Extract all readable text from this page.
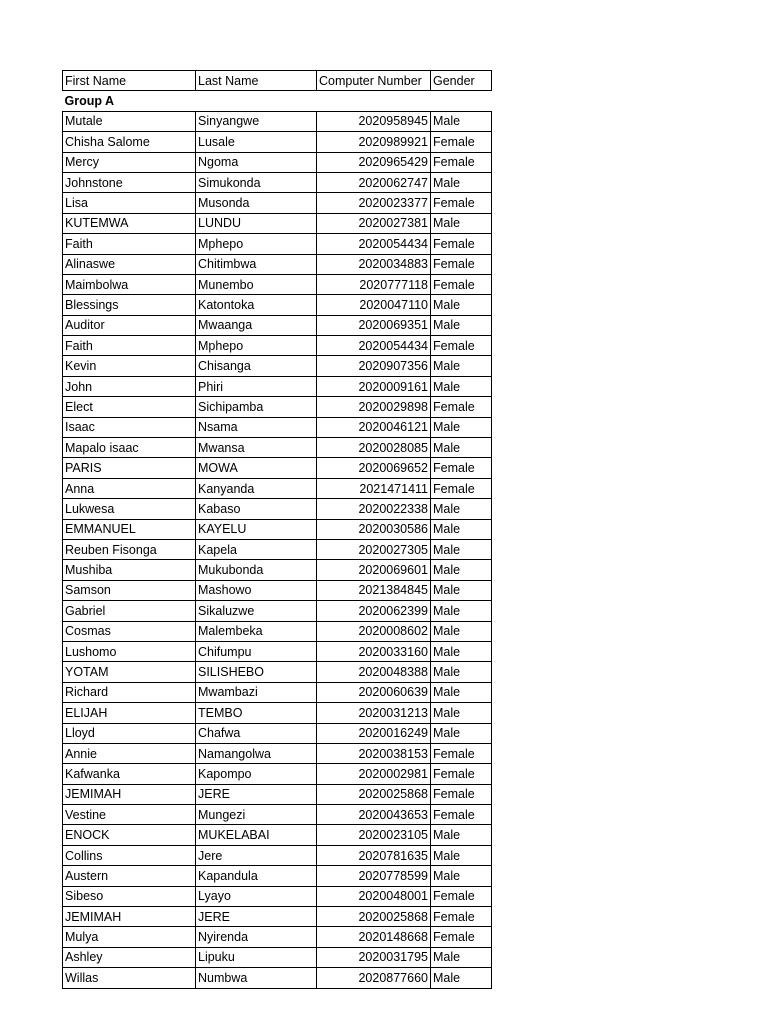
First Name	Last Name	Computer Number	Gender
Group A			
Mutale	Sinyangwe	2020958945	Male
Chisha Salome	Lusale	2020989921	Female
Mercy	Ngoma	2020965429	Female
Johnstone	Simukonda	2020062747	Male
Lisa	Musonda	2020023377	Female
KUTEMWA	LUNDU	2020027381	Male
Faith	Mphepo	2020054434	Female
Alinaswe	Chitimbwa	2020034883	Female
Maimbolwa	Munembo	2020777118	Female
Blessings	Katontoka	2020047110	Male
Auditor	Mwaanga	2020069351	Male
Faith	Mphepo	2020054434	Female
Kevin	Chisanga	2020907356	Male
John	Phiri	2020009161	Male
Elect	Sichipamba	2020029898	Female
Isaac	Nsama	2020046121	Male
Mapalo isaac	Mwansa	2020028085	Male
PARIS	MOWA	2020069652	Female
Anna	Kanyanda	2021471411	Female
Lukwesa	Kabaso	2020022338	Male
EMMANUEL	KAYELU	2020030586	Male
Reuben Fisonga	Kapela	2020027305	Male
Mushiba	Mukubonda	2020069601	Male
Samson	Mashowo	2021384845	Male
Gabriel	Sikaluzwe	2020062399	Male
Cosmas	Malembeka	2020008602	Male
Lushomo	Chifumpu	2020033160	Male
YOTAM	SILISHEBO	2020048388	Male
Richard	Mwambazi	2020060639	Male
ELIJAH	TEMBO	2020031213	Male
Lloyd	Chafwa	2020016249	Male
Annie	Namangolwa	2020038153	Female
Kafwanka	Kapompo	2020002981	Female
JEMIMAH	JERE	2020025868	Female
Vestine	Mungezi	2020043653	Female
ENOCK	MUKELABAI	2020023105	Male
Collins	Jere	2020781635	Male
Austern	Kapandula	2020778599	Male
Sibeso	Lyayo	2020048001	Female
JEMIMAH	JERE	2020025868	Female
Mulya	Nyirenda	2020148668	Female
Ashley	Lipuku	2020031795	Male
Willas	Numbwa	2020877660	Male
